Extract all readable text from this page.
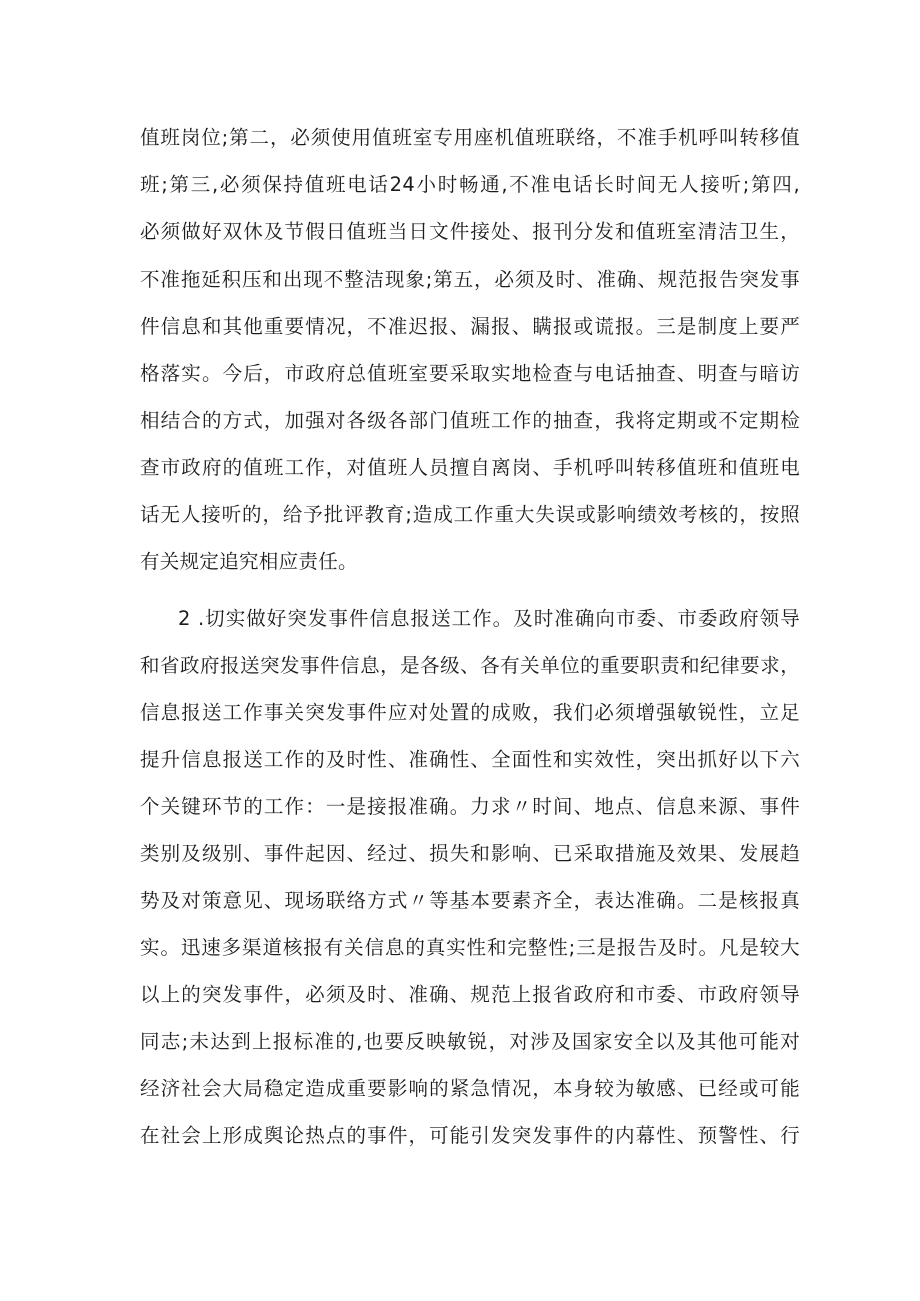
值班岗位;第二，必须使用值班室专用座机值班联络，不准手机呼叫转移值
班;第三,必须保持值班电话24小时畅通,不准电话长时间无人接听;第四,
必须做好双休及节假日值班当日文件接处、报刊分发和值班室清洁卫生，
不准拖延积压和出现不整洁现象;第五，必须及时、准确、规范报告突发事
件信息和其他重要情况，不准迟报、漏报、瞒报或谎报。三是制度上要严
格落实。今后，市政府总值班室要采取实地检查与电话抽查、明查与暗访
相结合的方式，加强对各级各部门值班工作的抽查，我将定期或不定期检
查市政府的值班工作，对值班人员擅自离岗、手机呼叫转移值班和值班电
话无人接听的，给予批评教育;造成工作重大失误或影响绩效考核的，按照
有关规定追究相应责任。
2 .切实做好突发事件信息报送工作。及时准确向市委、市委政府领导
和省政府报送突发事件信息，是各级、各有关单位的重要职责和纪律要求，
信息报送工作事关突发事件应对处置的成败，我们必须增强敏锐性，立足
提升信息报送工作的及时性、准确性、全面性和实效性，突出抓好以下六
个关键环节的工作：一是接报准确。力求〃时间、地点、信息来源、事件
类别及级别、事件起因、经过、损失和影响、已采取措施及效果、发展趋
势及对策意见、现场联络方式〃等基本要素齐全，表达准确。二是核报真
实。迅速多渠道核报有关信息的真实性和完整性;三是报告及时。凡是较大
以上的突发事件，必须及时、准确、规范上报省政府和市委、市政府领导
同志;未达到上报标准的,也要反映敏锐，对涉及国家安全以及其他可能对
经济社会大局稳定造成重要影响的紧急情况，本身较为敏感、已经或可能
在社会上形成舆论热点的事件，可能引发突发事件的内幕性、预警性、行
